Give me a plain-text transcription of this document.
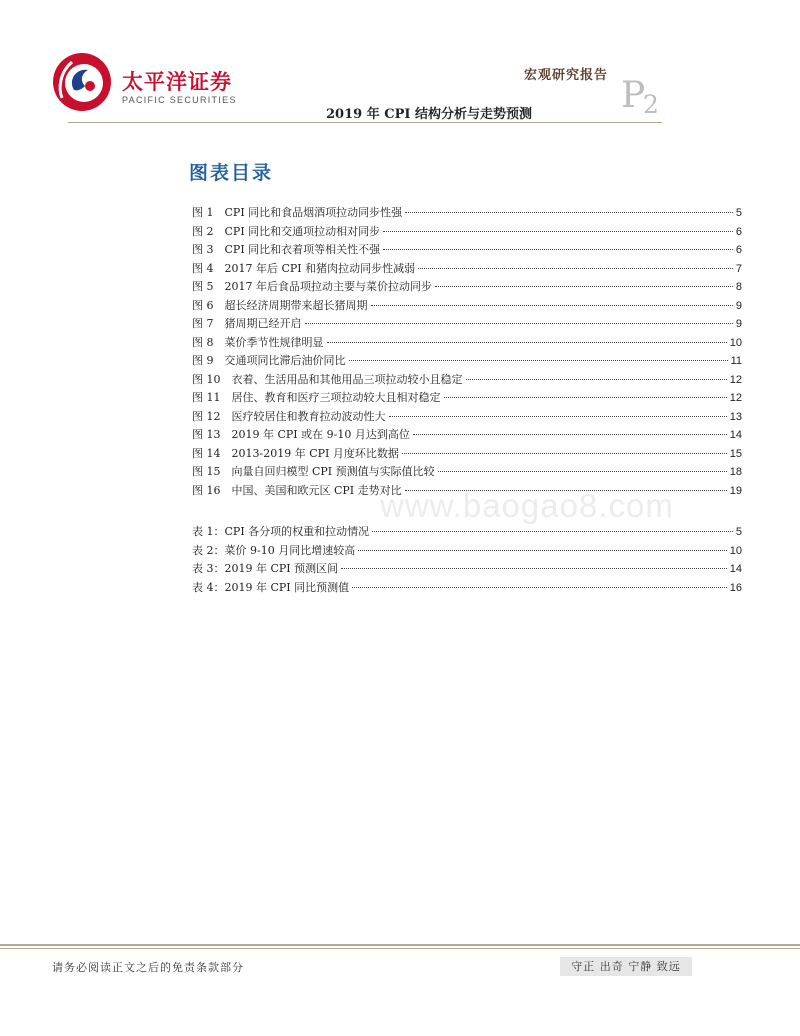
太平洋证券
PACIFIC SECURITIES
宏观研究报告 P
2
2019 年 CPI 结构分析与走势预测
图表目录
图 1　CPI 同比和食品烟酒项拉动同步性强	5
图 2　CPI 同比和交通项拉动相对同步	6
图 3　CPI 同比和衣着项等相关性不强	6
图 4　2017 年后 CPI 和猪肉拉动同步性减弱	7
图 5　2017 年后食品项拉动主要与菜价拉动同步	8
图 6　超长经济周期带来超长猪周期	9
图 7　猪周期已经开启	9
图 8　菜价季节性规律明显	10
图 9　交通项同比滞后油价同比	11
图 10　衣着、生活用品和其他用品三项拉动较小且稳定	12
图 11　居住、教育和医疗三项拉动较大且相对稳定	12
图 12　医疗较居住和教育拉动波动性大	13
图 13　2019 年 CPI 或在 9-10 月达到高位	14
图 14　2013-2019 年 CPI 月度环比数据	15
图 15　向量自回归模型 CPI 预测值与实际值比较	18
图 16　中国、美国和欧元区 CPI 走势对比	19
表 1：CPI 各分项的权重和拉动情况	5
表 2：菜价 9-10 月同比增速较高	10
表 3：2019 年 CPI 预测区间	14
表 4：2019 年 CPI 同比预测值	16
www.baogao8.com
请务必阅读正文之后的免责条款部分	守正 出奇 宁静 致远
